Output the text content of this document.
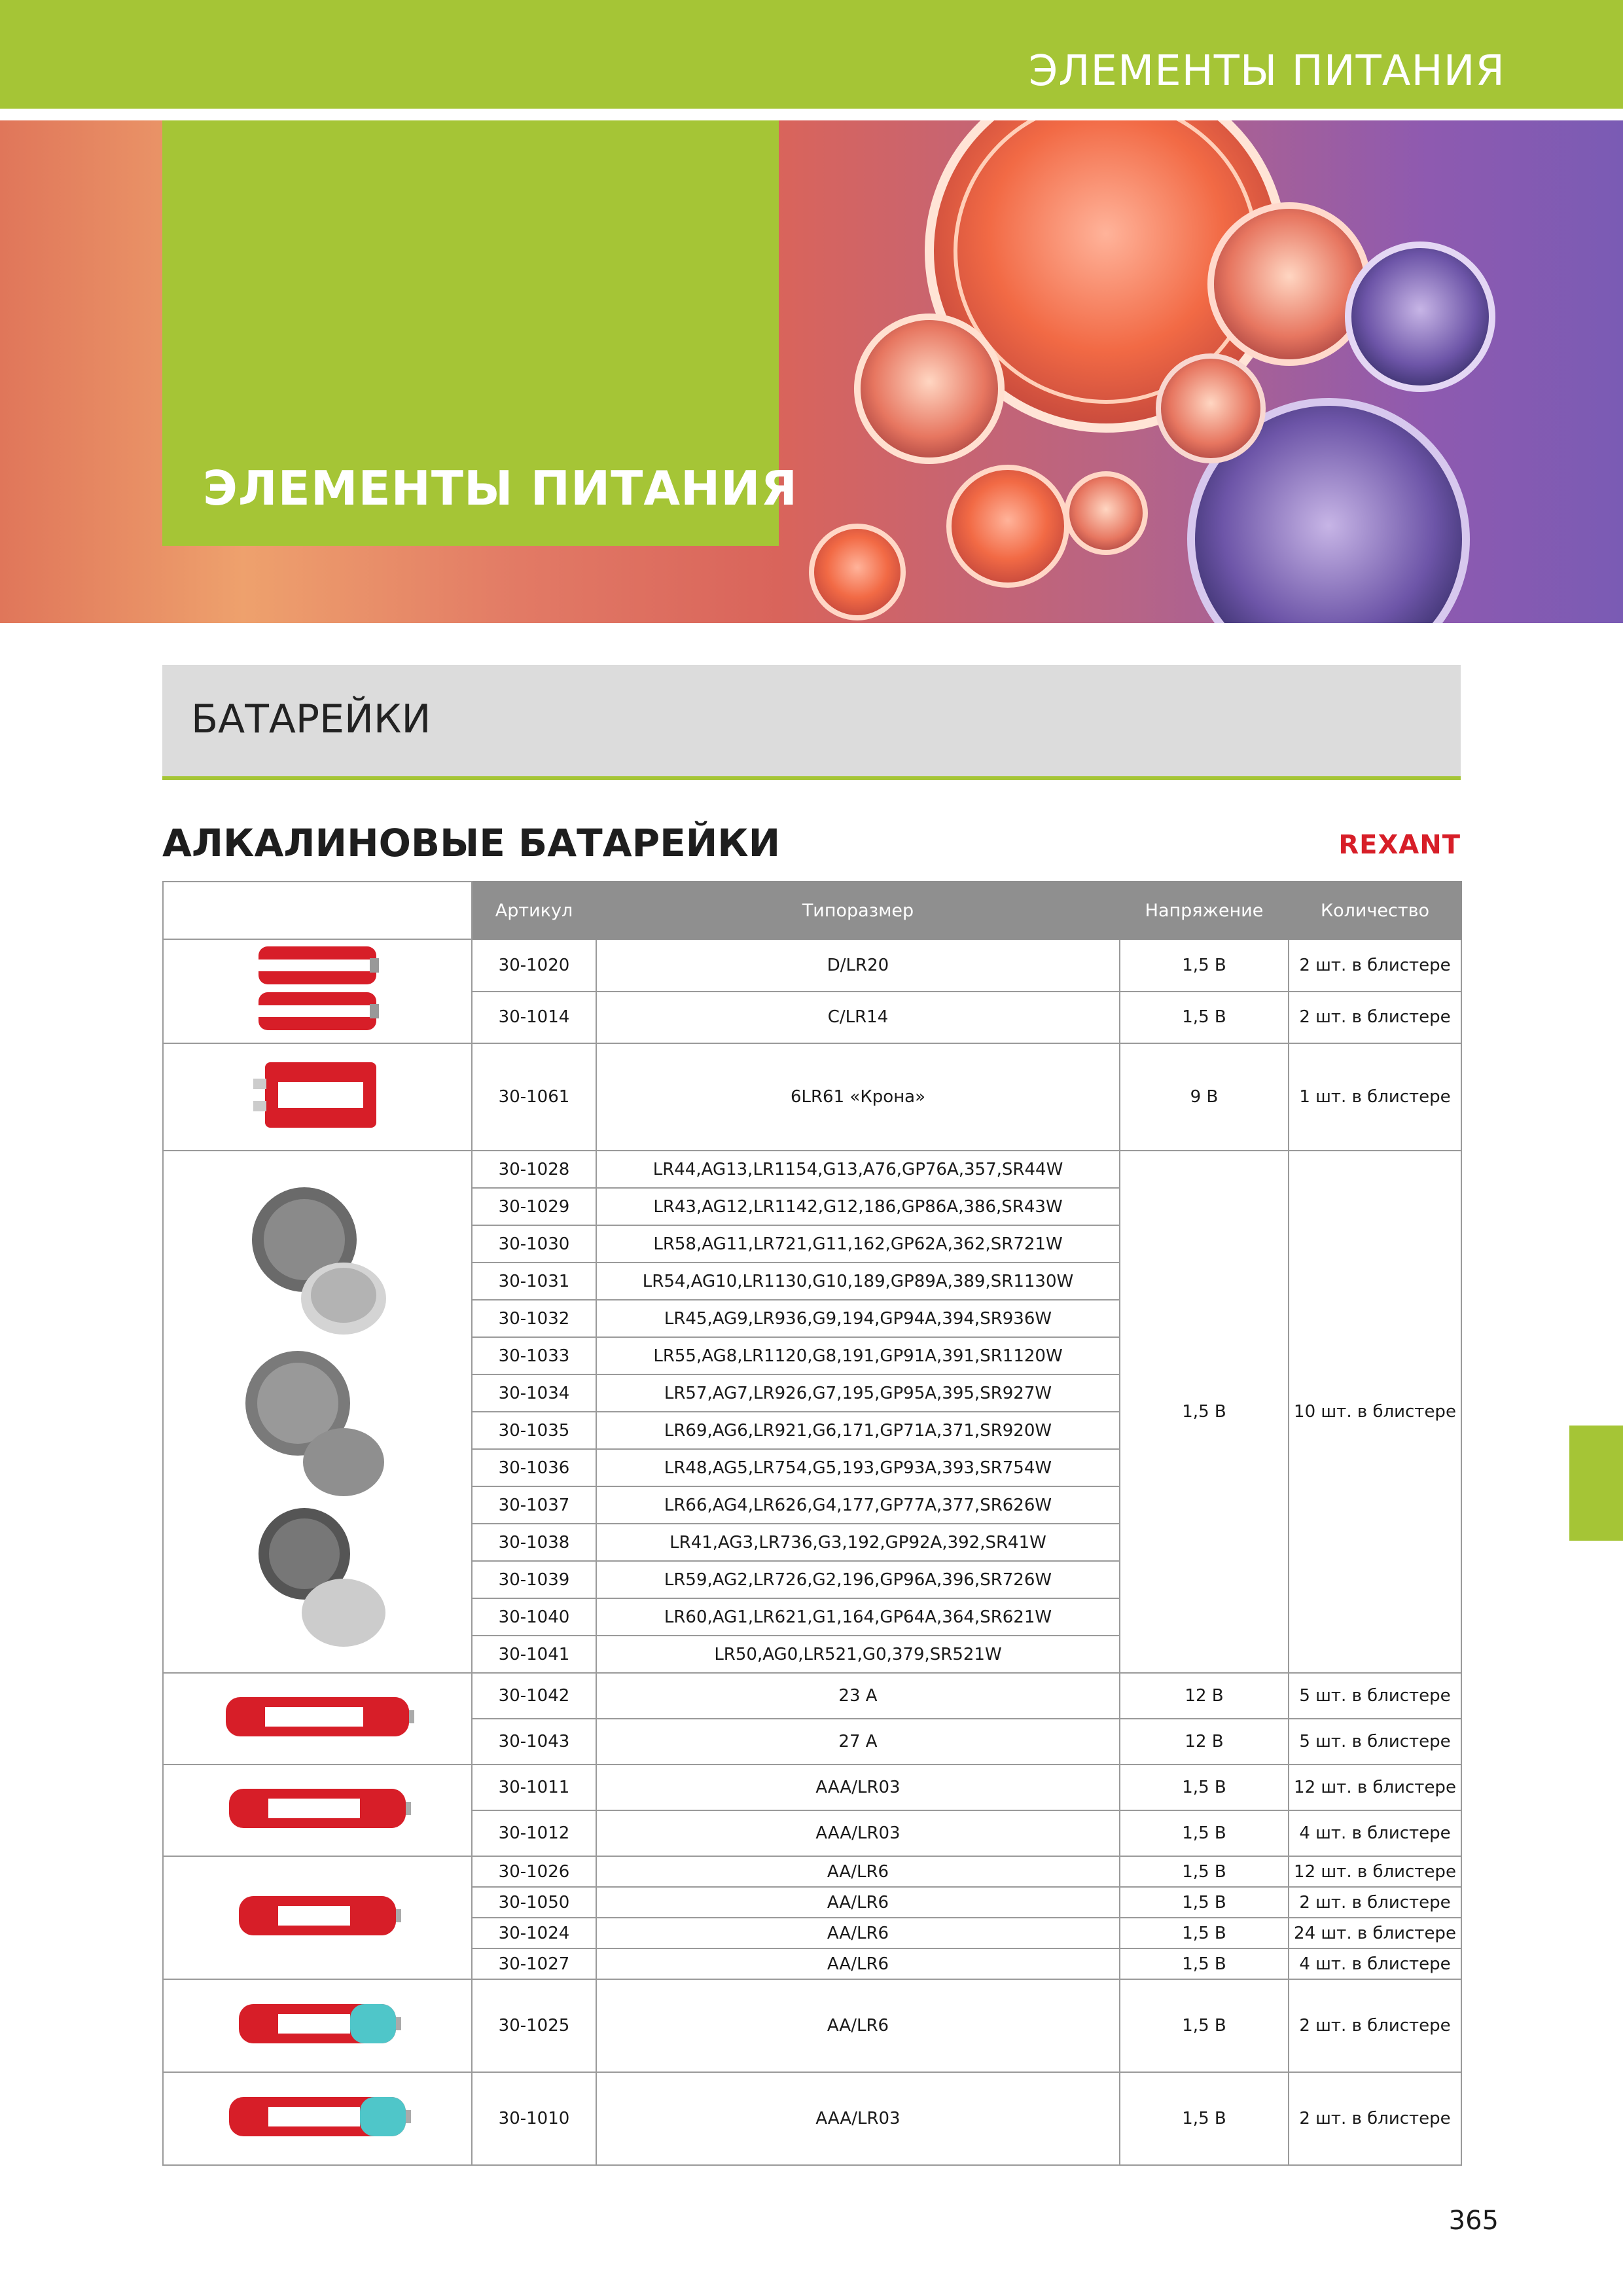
ЭЛЕМЕНТЫ ПИТАНИЯ
ЭЛЕМЕНТЫ ПИТАНИЯ
БАТАРЕЙКИ
АЛКАЛИНОВЫЕ БАТАРЕЙКИ	REXANT
	Артикул	Типоразмер	Напряжение	Количество

	30-1020	D/LR20	1,5 В	2 шт. в блистере
	30-1014	C/LR14	1,5 В	2 шт. в блистере

	30-1061	6LR61 «Крона»	9 В	1 шт. в блистере

	30-1028	LR44,AG13,LR1154,G13,A76,GP76A,357,SR44W	1,5 В	10 шт. в блистере
	30-1029	LR43,AG12,LR1142,G12,186,GP86A,386,SR43W		
	30-1030	LR58,AG11,LR721,G11,162,GP62A,362,SR721W		
	30-1031	LR54,AG10,LR1130,G10,189,GP89A,389,SR1130W		
	30-1032	LR45,AG9,LR936,G9,194,GP94A,394,SR936W		
	30-1033	LR55,AG8,LR1120,G8,191,GP91A,391,SR1120W		
	30-1034	LR57,AG7,LR926,G7,195,GP95A,395,SR927W		
	30-1035	LR69,AG6,LR921,G6,171,GP71A,371,SR920W		
	30-1036	LR48,AG5,LR754,G5,193,GP93A,393,SR754W		
	30-1037	LR66,AG4,LR626,G4,177,GP77A,377,SR626W		
	30-1038	LR41,AG3,LR736,G3,192,GP92A,392,SR41W		
	30-1039	LR59,AG2,LR726,G2,196,GP96A,396,SR726W		
	30-1040	LR60,AG1,LR621,G1,164,GP64A,364,SR621W		
	30-1041	LR50,AG0,LR521,G0,379,SR521W		

	30-1042	23 A	12 В	5 шт. в блистере
	30-1043	27 A	12 В	5 шт. в блистере

	30-1011	AAA/LR03	1,5 В	12 шт. в блистере
	30-1012	AAA/LR03	1,5 В	4 шт. в блистере

	30-1026	AA/LR6	1,5 В	12 шт. в блистере
	30-1050	AA/LR6	1,5 В	2 шт. в блистере
	30-1024	AA/LR6	1,5 В	24 шт. в блистере
	30-1027	AA/LR6	1,5 В	4 шт. в блистере

	30-1025	AA/LR6	1,5 В	2 шт. в блистере

	30-1010	AAA/LR03	1,5 В	2 шт. в блистере
365
